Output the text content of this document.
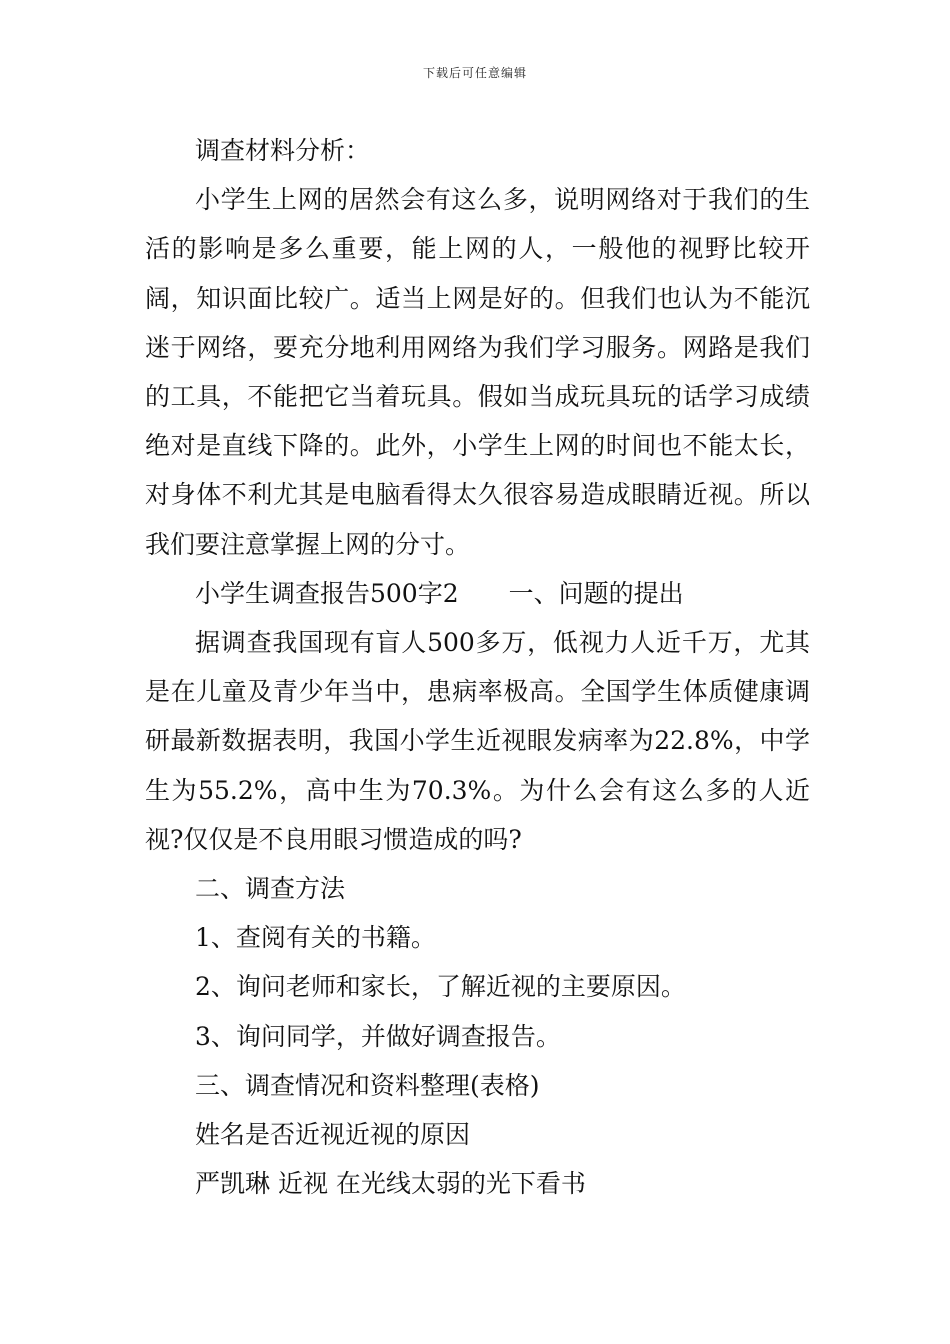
下载后可任意编辑

调查材料分析：

小学生上网的居然会有这么多，说明网络对于我们的生活的影响是多么重要，能上网的人，一般他的视野比较开阔，知识面比较广。适当上网是好的。但我们也认为不能沉迷于网络，要充分地利用网络为我们学习服务。网路是我们的工具，不能把它当着玩具。假如当成玩具玩的话学习成绩绝对是直线下降的。此外，小学生上网的时间也不能太长，对身体不利尤其是电脑看得太久很容易造成眼睛近视。所以我们要注意掌握上网的分寸。

小学生调查报告500字2　　一、问题的提出

据调查我国现有盲人500多万，低视力人近千万，尤其是在儿童及青少年当中，患病率极高。全国学生体质健康调研最新数据表明，我国小学生近视眼发病率为22.8%，中学生为55.2%，高中生为70.3%。为什么会有这么多的人近视?仅仅是不良用眼习惯造成的吗?

二、调查方法

1、查阅有关的书籍。

2、询问老师和家长，了解近视的主要原因。

3、询问同学，并做好调查报告。

三、调查情况和资料整理(表格)

姓名是否近视近视的原因

严凯琳 近视 在光线太弱的光下看书
